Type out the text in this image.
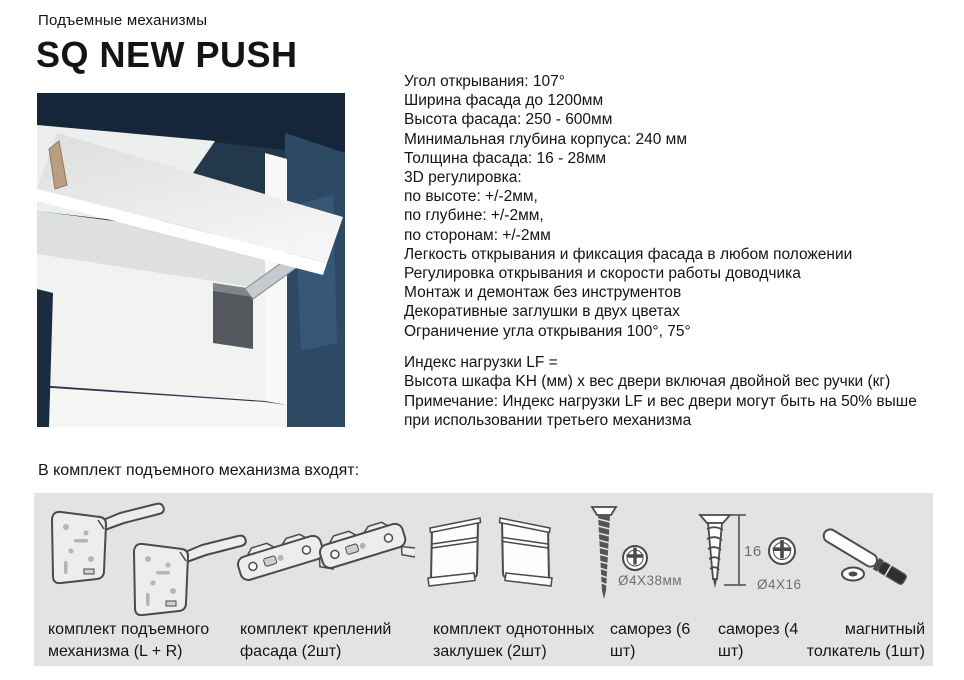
Подъемные механизмы
SQ NEW PUSH
Угол открывания: 107°
Ширина фасада до 1200мм
Высота фасада: 250 - 600мм
Минимальная глубина корпуса: 240 мм
Толщина фасада: 16 - 28мм
3D регулировка:
по высоте: +/-2мм,
по глубине: +/-2мм,
по сторонам: +/-2мм
Легкость открывания и фиксация фасада в любом положении
Регулировка открывания и скорости работы доводчика
Монтаж и демонтаж без инструментов
Декоративные заглушки в двух цветах
Ограничение угла открывания 100°, 75°
Индекс нагрузки LF =
Высота шкафа KH (мм) x вес двери включая двойной вес ручки (кг)
Примечание: Индекс нагрузки LF и вес двери могут быть на 50% выше
при использовании третьего механизма
В комплект подъемного механизма входят:
Ø4X38мм
16
Ø4X16
комплект подъемного механизма (L + R)
комплект креплений фасада (2шт)
комплект однотонных заклушек (2шт)
саморез (6 шт)
саморез (4 шт)
магнитный толкатель (1шт)
